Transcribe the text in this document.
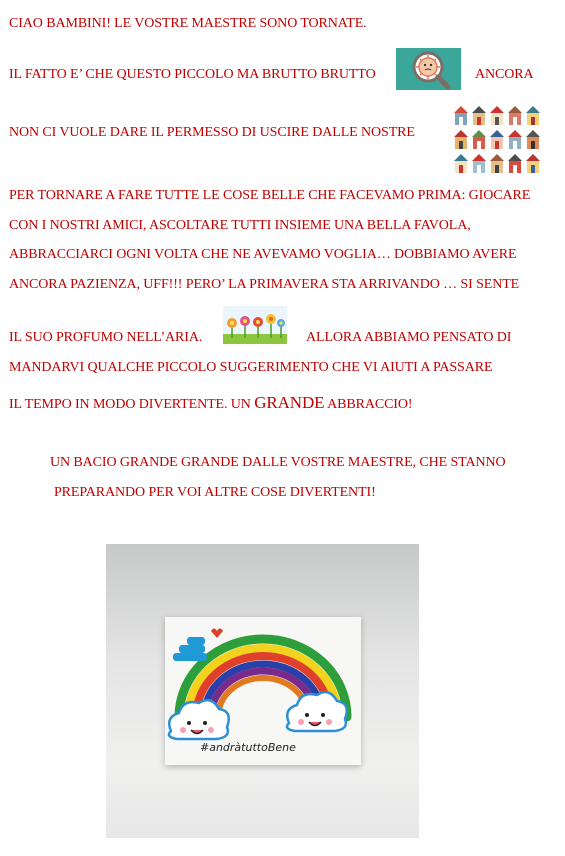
CIAO BAMBINI! LE VOSTRE MAESTRE SONO TORNATE.
IL FATTO E’ CHE QUESTO PICCOLO MA BRUTTO BRUTTO	ANCORA
NON CI VUOLE DARE IL PERMESSO DI USCIRE DALLE NOSTRE
PER TORNARE A FARE TUTTE LE COSE BELLE CHE FACEVAMO PRIMA: GIOCARE
CON I NOSTRI AMICI, ASCOLTARE TUTTI INSIEME UNA BELLA FAVOLA,
ABBRACCIARCI OGNI VOLTA CHE NE AVEVAMO VOGLIA… DOBBIAMO AVERE
ANCORA PAZIENZA, UFF!!! PERO’ LA PRIMAVERA STA ARRIVANDO … SI SENTE
IL SUO PROFUMO NELL’ARIA.	ALLORA ABBIAMO PENSATO DI
MANDARVI QUALCHE PICCOLO SUGGERIMENTO CHE VI AIUTI A PASSARE
IL TEMPO IN MODO DIVERTENTE. UN GRANDE ABBRACCIO!
UN BACIO GRANDE GRANDE DALLE VOSTRE MAESTRE, CHE STANNO
PREPARANDO PER VOI ALTRE COSE DIVERTENTI!
#andràtuttoBene
